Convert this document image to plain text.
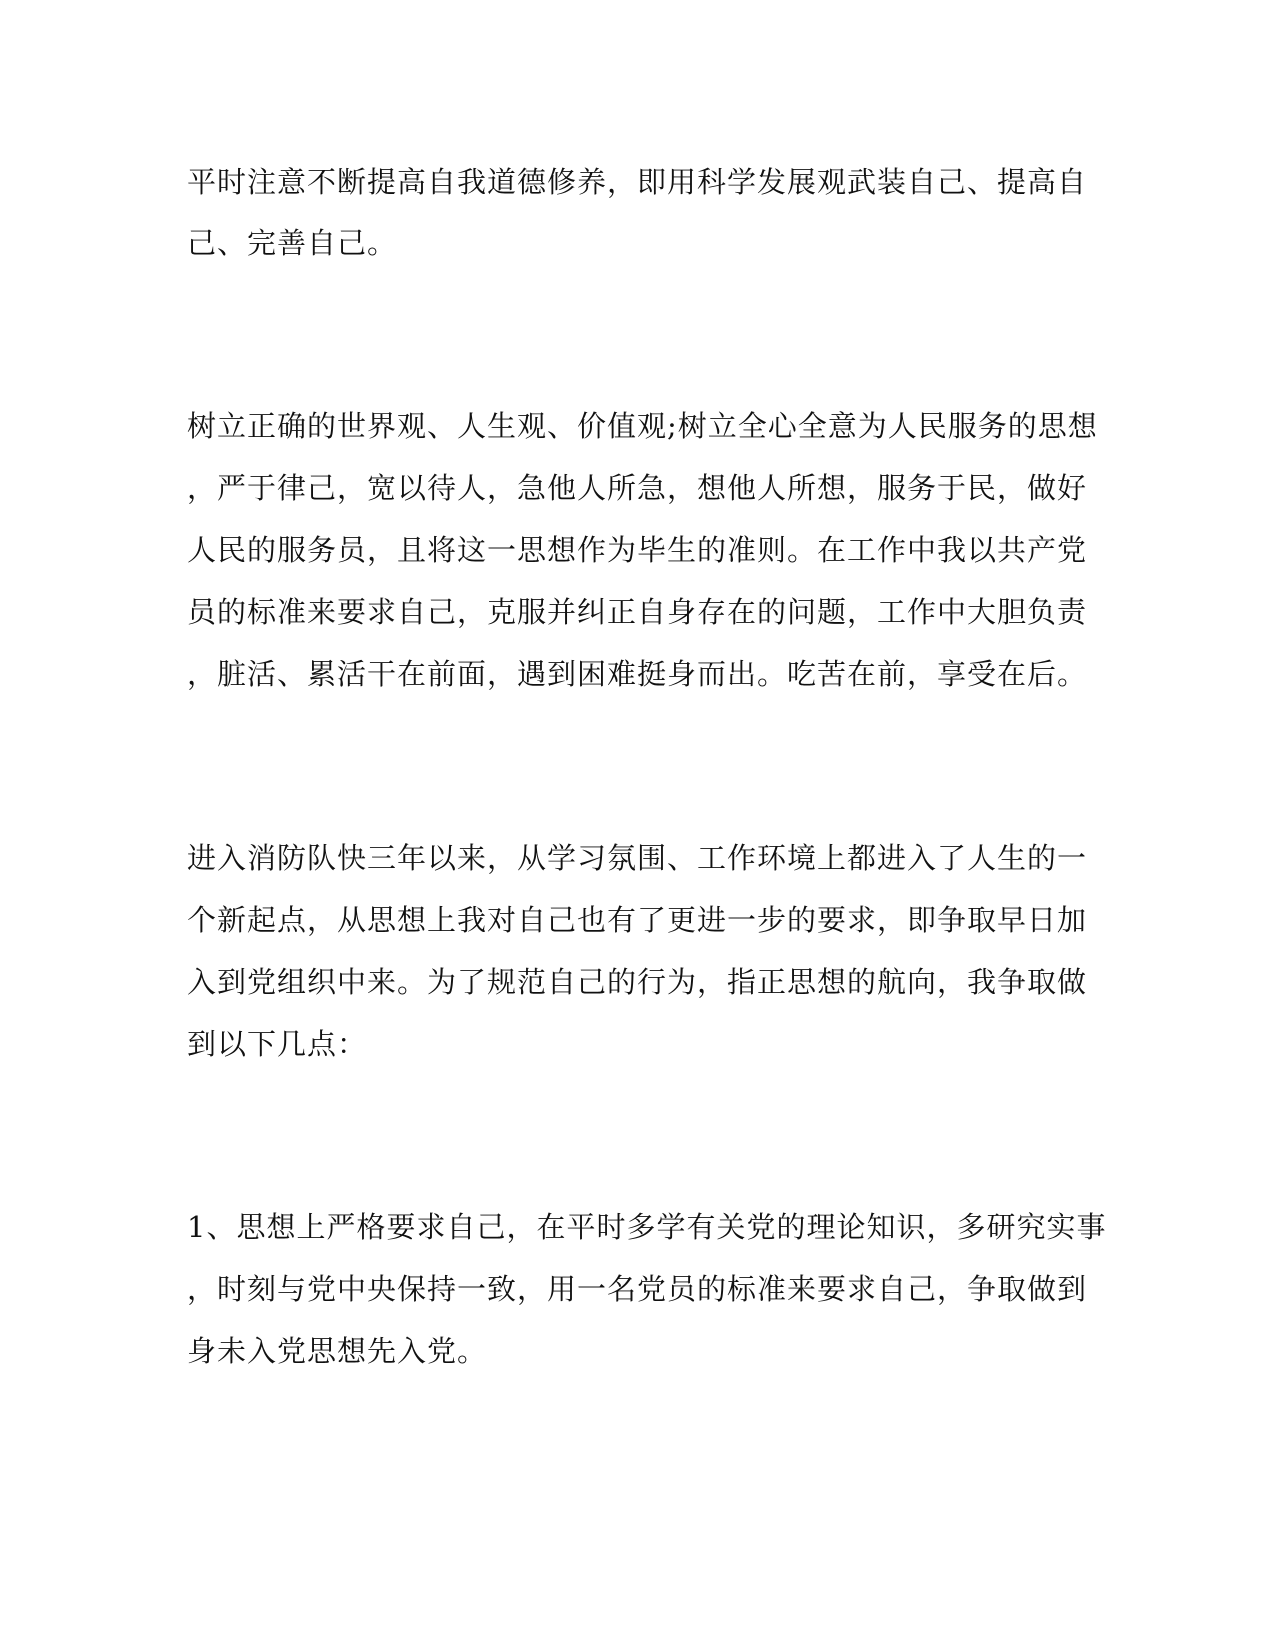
平时注意不断提高自我道德修养，即用科学发展观武装自己、提高自

己、完善自己。

树立正确的世界观、人生观、价值观;树立全心全意为人民服务的思想

，严于律己，宽以待人，急他人所急，想他人所想，服务于民，做好

人民的服务员，且将这一思想作为毕生的准则。在工作中我以共产党

员的标准来要求自己，克服并纠正自身存在的问题，工作中大胆负责

，脏活、累活干在前面，遇到困难挺身而出。吃苦在前，享受在后。

进入消防队快三年以来，从学习氛围、工作环境上都进入了人生的一

个新起点，从思想上我对自己也有了更进一步的要求，即争取早日加

入到党组织中来。为了规范自己的行为，指正思想的航向，我争取做

到以下几点：

1、思想上严格要求自己，在平时多学有关党的理论知识，多研究实事

，时刻与党中央保持一致，用一名党员的标准来要求自己，争取做到

身未入党思想先入党。
